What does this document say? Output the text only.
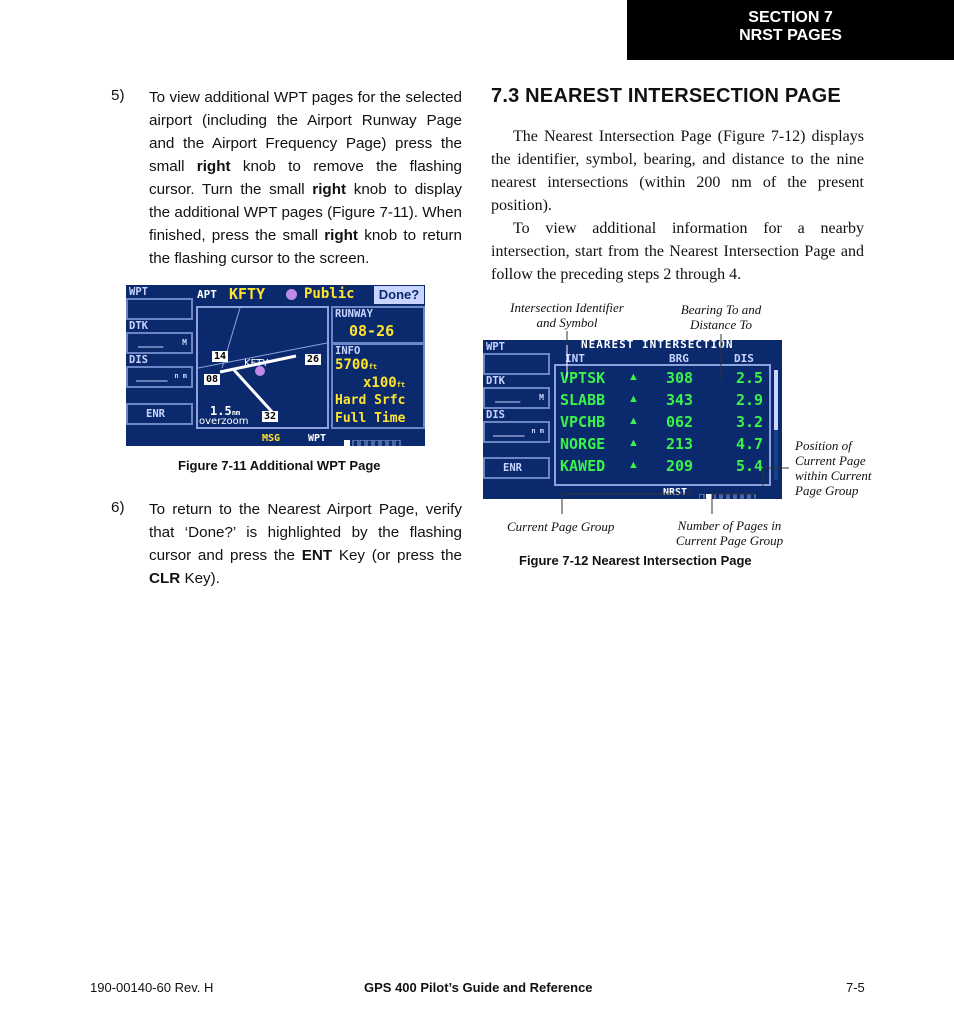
SECTION 7
NRST PAGES
5) To view additional WPT pages for the selected airport (including the Airport Runway Page and the Airport Frequency Page) press the small right knob to remove the flashing cursor. Turn the small right knob to display the additional WPT pages (Figure 7-11). When finished, press the small right knob to return the flashing cursor to the screen.
WPT
DTK
____ M
DIS
_____ n m
ENR
APT KFTY	Public	Done?
14	26
08
32
KFTY
1.5nm
overzoom
RUNWAY
08-26
INFO
5700ft
x100ft
Hard Srfc
Full Time
MSG	WPT
Figure 7-11 Additional WPT Page
6) To return to the Nearest Airport Page, verify that ‘Done?’ is highlighted by the flashing cursor and press the ENT Key (or press the CLR Key).
7.3 NEAREST INTERSECTION PAGE
The Nearest Intersection Page (Figure 7-12) displays the identifier, symbol, bearing, and distance to the nine nearest intersections (within 200 nm of the present position).
To view additional information for a nearby intersection, start from the Nearest Intersection Page and follow the preceding steps 2 through 4.
Intersection Identifier
and Symbol
Bearing To and
Distance To
Position of
Current Page
within Current
Page Group
Current Page Group	Number of Pages in
Current Page Group
WPT
DTK
____ M
DIS
_____ n m
ENR
NEAREST INTERSECTION
INT	BRG	DIS
VPTSK ▲ 308	2.5
SLABB ▲ 343	2.9
VPCHB ▲ 062	3.2
NORGE ▲ 213	4.7
KAWED ▲ 209	5.4
NRST
Figure 7-12 Nearest Intersection Page
190-00140-60 Rev. H	GPS 400 Pilot’s Guide and Reference	7-5
